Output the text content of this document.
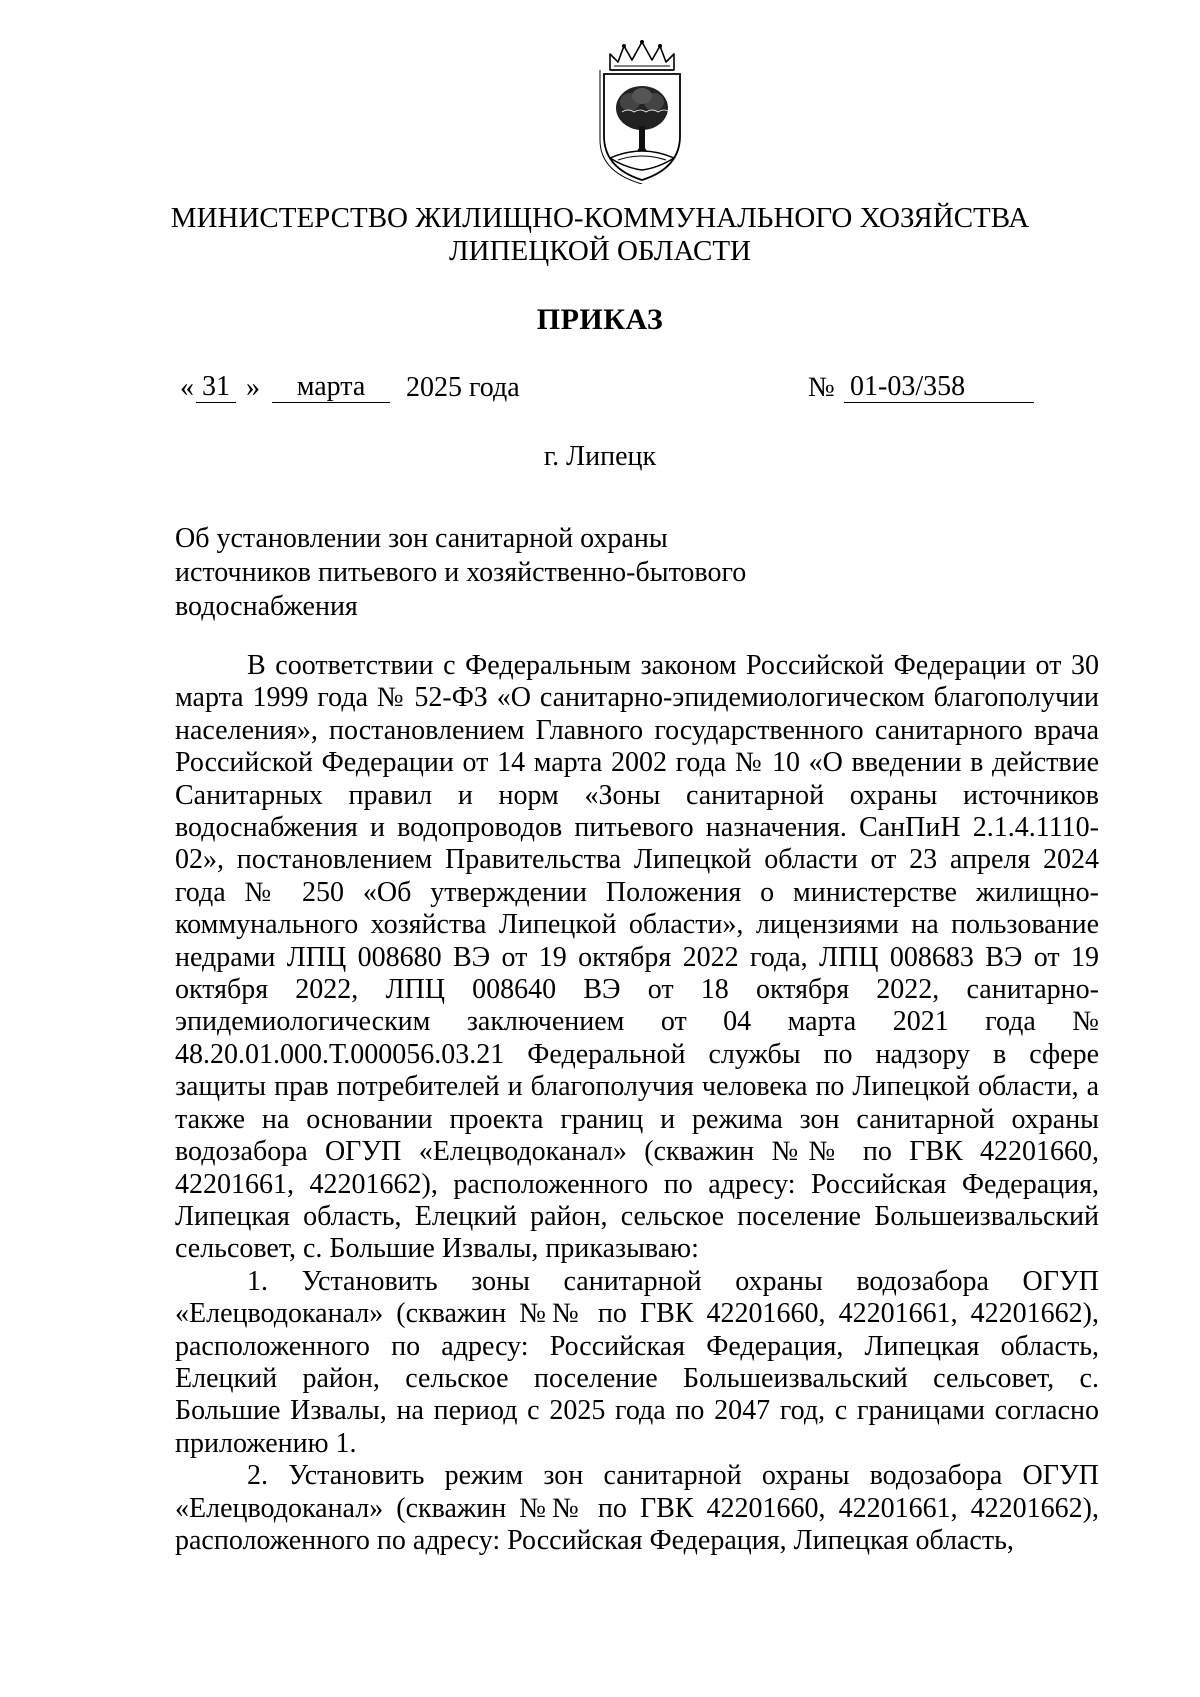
МИНИСТЕРСТВО ЖИЛИЩНО-КОММУНАЛЬНОГО ХОЗЯЙСТВА
ЛИПЕЦКОЙ ОБЛАСТИ
ПРИКАЗ
« 31 »	марта	2025 года	№ 01-03/358
г. Липецк
Об установлении зон санитарной охраны
источников питьевого и хозяйственно-бытового
водоснабжения

В соответствии с Федеральным законом Российской Федерации от 30 марта 1999 года № 52-ФЗ «О санитарно-эпидемиологическом благополучии населения», постановлением Главного государственного санитарного врача Российской Федерации от 14 марта 2002 года № 10 «О введении в действие Санитарных правил и норм «Зоны санитарной охраны источников водоснабжения и водопроводов питьевого назначения. СанПиН 2.1.4.1110-02», постановлением Правительства Липецкой области от 23 апреля 2024 года № 250 «Об утверждении Положения о министерстве жилищно-коммунального хозяйства Липецкой области», лицензиями на пользование недрами ЛПЦ 008680 ВЭ от 19 октября 2022 года, ЛПЦ 008683 ВЭ от 19 октября 2022, ЛПЦ 008640 ВЭ от 18 октября 2022, санитарно-эпидемиологическим заключением от 04 марта 2021 года № 48.20.01.000.Т.000056.03.21 Федеральной службы по надзору в сфере защиты прав потребителей и благополучия человека по Липецкой области, а также на основании проекта границ и режима зон санитарной охраны водозабора ОГУП «Елецводоканал» (скважин №№ по ГВК 42201660, 42201661, 42201662), расположенного по адресу: Российская Федерация, Липецкая область, Елецкий район, сельское поселение Большеизвальский сельсовет, с. Большие Извалы, приказываю:

1. Установить зоны санитарной охраны водозабора ОГУП «Елецводоканал» (скважин №№ по ГВК 42201660, 42201661, 42201662), расположенного по адресу: Российская Федерация, Липецкая область, Елецкий район, сельское поселение Большеизвальский сельсовет, с. Большие Извалы, на период с 2025 года по 2047 год, с границами согласно приложению 1.

2. Установить режим зон санитарной охраны водозабора ОГУП «Елецводоканал» (скважин №№ по ГВК 42201660, 42201661, 42201662), расположенного по адресу: Российская Федерация, Липецкая область,
